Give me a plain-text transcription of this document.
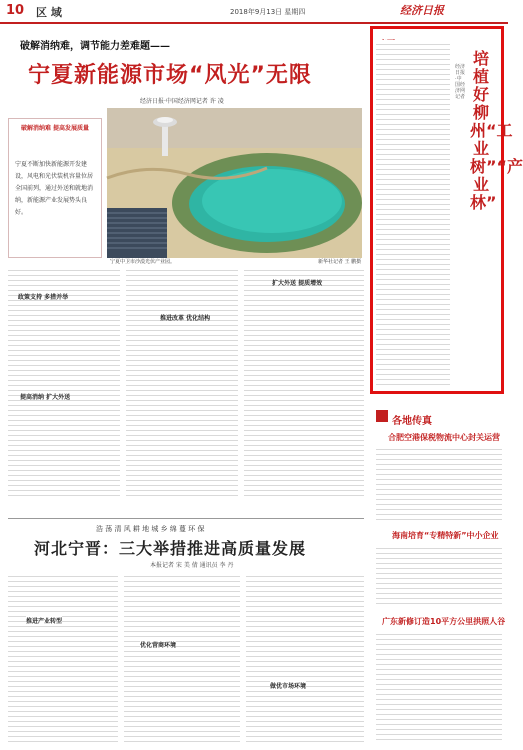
10 区 域	2018年9月13日 星期四	经济日报
破解消纳难，调节能力差难题——
宁夏新能源市场“风光”无限
经济日报·中国经济网记者 许 凌
破解消纳难 提高发展质量
宁夏不断加快新能源开发建设，风电和光伏装机容量位居全国前列，通过外送和就地消纳，新能源产业发展势头良好。
宁夏中卫市沙漠光伏产业园。	新华社记者 王 鹏摄
政策支持 多措并举
提高消纳 扩大外送
推进改革 优化结构
扩大外送 提质增效
培植好柳州“工业树”“产业林”
经济日报·中国经济网记者
各地传真
合肥空港保税物流中心封关运营
海南培育“专精特新”中小企业
广东新修订造10平方公里拱照人谷
浩 荡 清 风 耕 地 城 乡 绵 蔓 环 保
河北宁晋：三大举措推进高质量发展
本报记者 宋 美 倩 通讯员 李 丹
推进产业转型
优化营商环境
做优市场环境
